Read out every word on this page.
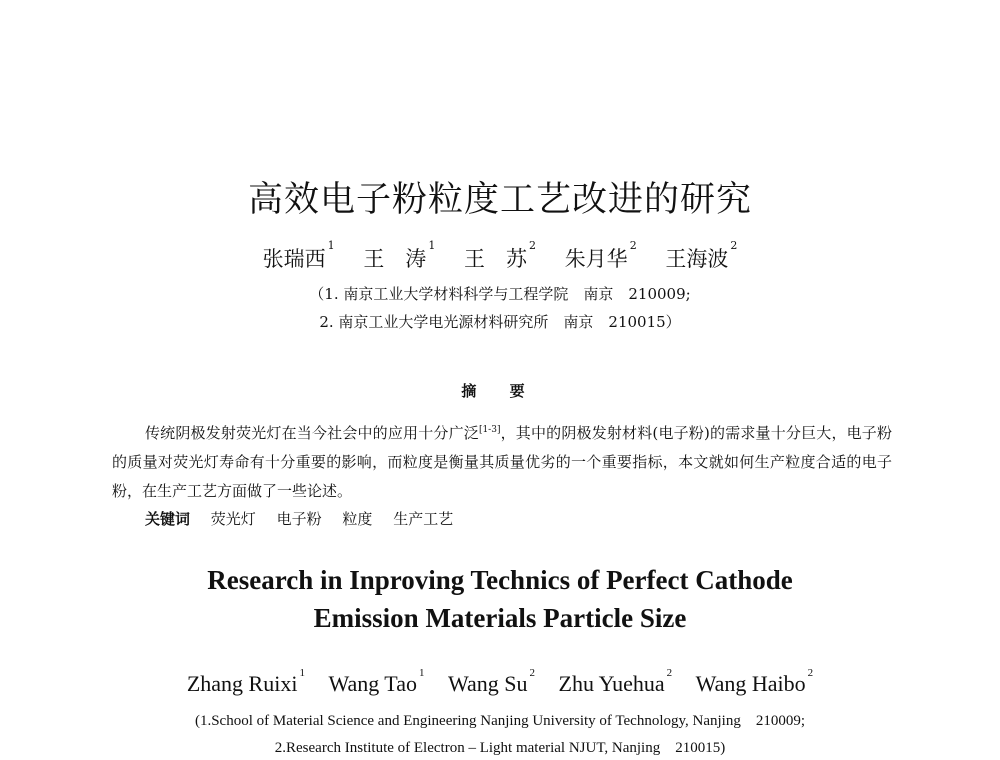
高效电子粉粒度工艺改进的研究

张瑞西$^1$ 王　涛$^1$ 王　苏$^2$ 朱月华$^2$ 王海波$^2$

（1. 南京工业大学材料科学与工程学院　南京　210009;

2. 南京工业大学电光源材料研究所　南京　210015）

摘 要

传统阴极发射荧光灯在当今社会中的应用十分广泛[1-3]，其中的阴极发射材料(电子粉)的需求量十分巨大，电子粉的质量对荧光灯寿命有十分重要的影响，而粒度是衡量其质量优劣的一个重要指标，本文就如何生产粒度合适的电子粉，在生产工艺方面做了一些论述。

关键词 荧光灯 电子粉 粒度 生产工艺

Research in Inproving Technics of Perfect Cathode
Emission Materials Particle Size

Zhang Ruixi $^1$ Wang Tao $^1$ Wang Su $^2$ Zhu Yuehua $^2$ Wang Haibo $^2$

(1.School of Material Science and Engineering Nanjing University of Technology, Nanjing　210009;

2.Research Institute of Electron – Light material NJUT, Nanjing　210015)
